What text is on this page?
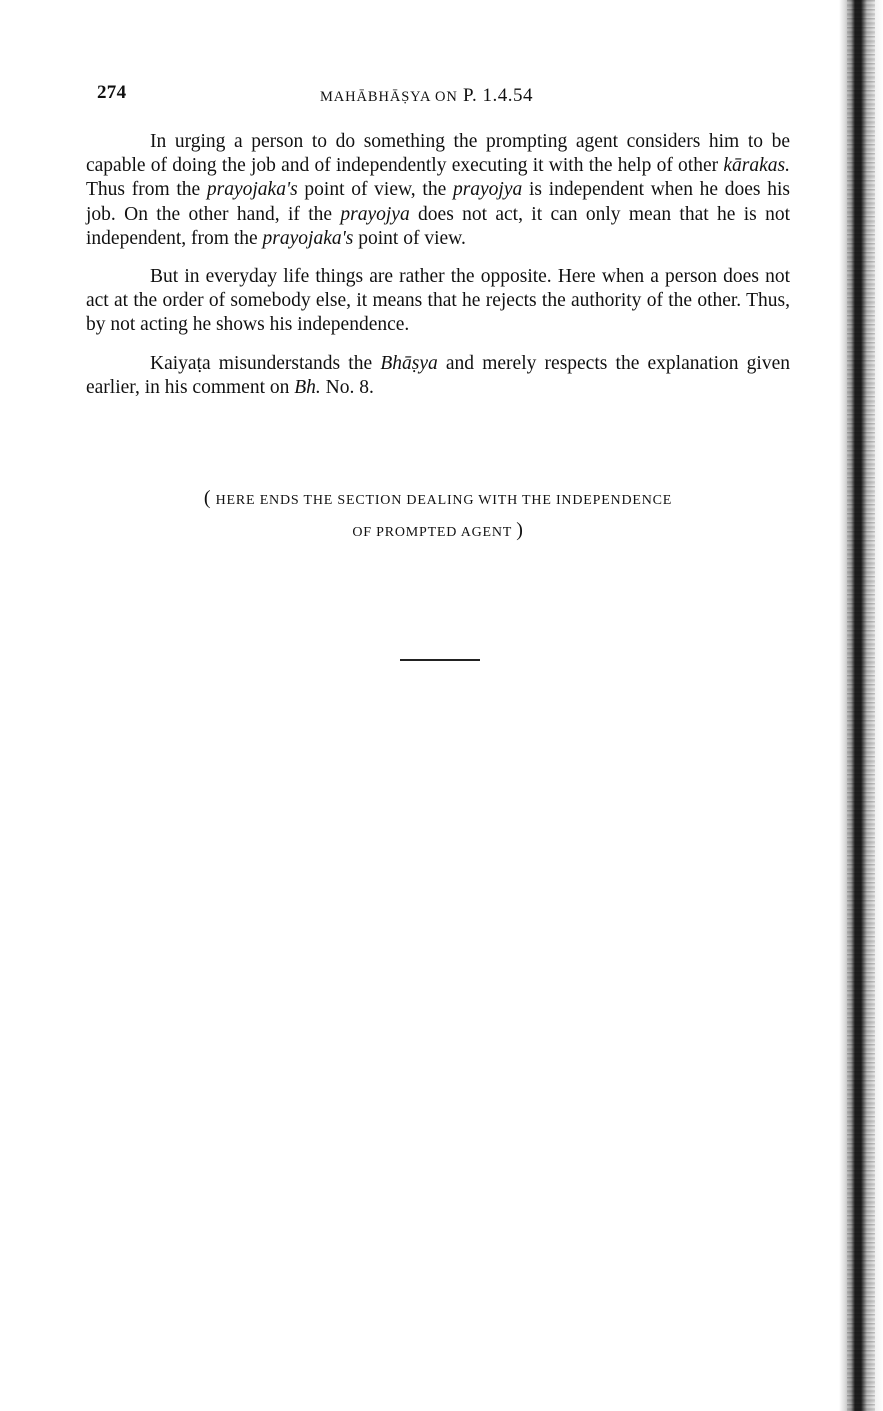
274	MAHĀBHĀṢYA ON P. 1.4.54

In urging a person to do something the prompting agent considers him to be capable of doing the job and of independently executing it with the help of other kārakas. Thus from the prayojaka's point of view, the prayojya is independent when he does his job. On the other hand, if the prayojya does not act, it can only mean that he is not independent, from the prayojaka's point of view.

But in everyday life things are rather the opposite. Here when a person does not act at the order of somebody else, it means that he rejects the authority of the other. Thus, by not acting he shows his independence.

Kaiyaṭa misunderstands the Bhāṣya and merely respects the explanation given earlier, in his comment on Bh. No. 8.

( HERE ENDS THE SECTION DEALING WITH THE INDEPENDENCE
OF PROMPTED AGENT )
